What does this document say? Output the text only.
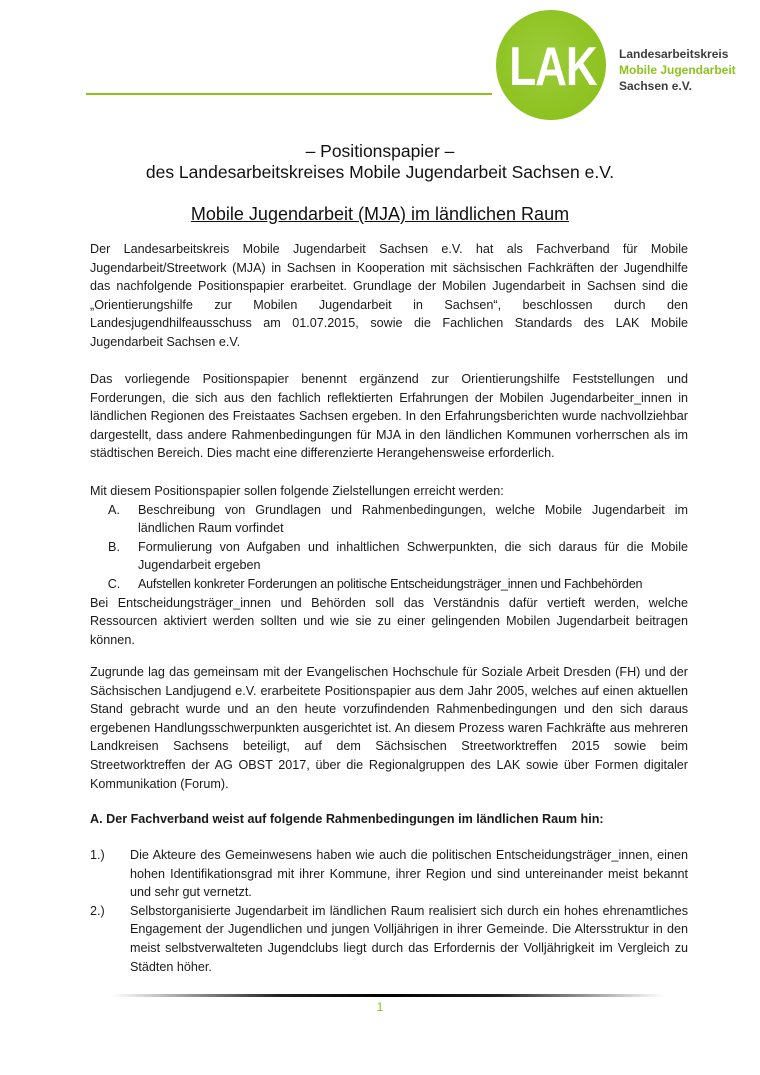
LAK Landesarbeitskreis
Mobile Jugendarbeit
Sachsen e.V.
– Positionspapier –
des Landesarbeitskreises Mobile Jugendarbeit Sachsen e.V.
Mobile Jugendarbeit (MJA) im ländlichen Raum
Der Landesarbeitskreis Mobile Jugendarbeit Sachsen e.V. hat als Fachverband für Mobile Jugendarbeit/Streetwork (MJA) in Sachsen in Kooperation mit sächsischen Fachkräften der Jugendhilfe das nachfolgende Positionspapier erarbeitet. Grundlage der Mobilen Jugendarbeit in Sachsen sind die „Orientierungshilfe zur Mobilen Jugendarbeit in Sachsen“, beschlossen durch den Landesjugendhilfeausschuss am 01.07.2015, sowie die Fachlichen Standards des LAK Mobile Jugendarbeit Sachsen e.V.
Das vorliegende Positionspapier benennt ergänzend zur Orientierungshilfe Feststellungen und Forderungen, die sich aus den fachlich reflektierten Erfahrungen der Mobilen Jugendarbeiter_innen in ländlichen Regionen des Freistaates Sachsen ergeben. In den Erfahrungsberichten wurde nachvollziehbar dargestellt, dass andere Rahmenbedingungen für MJA in den ländlichen Kommunen vorherrschen als im städtischen Bereich. Dies macht eine differenzierte Herangehensweise erforderlich.

Mit diesem Positionspapier sollen folgende Zielstellungen erreicht werden:

A.	Beschreibung von Grundlagen und Rahmenbedingungen, welche Mobile Jugendarbeit im ländlichen Raum vorfindet
B.	Formulierung von Aufgaben und inhaltlichen Schwerpunkten, die sich daraus für die Mobile Jugendarbeit ergeben
C.	Aufstellen konkreter Forderungen an politische Entscheidungsträger_innen und Fachbehörden

Bei Entscheidungsträger_innen und Behörden soll das Verständnis dafür vertieft werden, welche Ressourcen aktiviert werden sollten und wie sie zu einer gelingenden Mobilen Jugendarbeit beitragen können.

Zugrunde lag das gemeinsam mit der Evangelischen Hochschule für Soziale Arbeit Dresden (FH) und der Sächsischen Landjugend e.V. erarbeitete Positionspapier aus dem Jahr 2005, welches auf einen aktuellen Stand gebracht wurde und an den heute vorzufindenden Rahmenbedingungen und den sich daraus ergebenen Handlungsschwerpunkten ausgerichtet ist. An diesem Prozess waren Fachkräfte aus mehreren Landkreisen Sachsens beteiligt, auf dem Sächsischen Streetworktreffen 2015 sowie beim Streetworktreffen der AG OBST 2017, über die Regionalgruppen des LAK sowie über Formen digitaler Kommunikation (Forum).
A. Der Fachverband weist auf folgende Rahmenbedingungen im ländlichen Raum hin:
1.)	Die Akteure des Gemeinwesens haben wie auch die politischen Entscheidungsträger_innen, einen hohen Identifikationsgrad mit ihrer Kommune, ihrer Region und sind untereinander meist bekannt und sehr gut vernetzt.
2.)	Selbstorganisierte Jugendarbeit im ländlichen Raum realisiert sich durch ein hohes ehrenamtliches Engagement der Jugendlichen und jungen Volljährigen in ihrer Gemeinde. Die Altersstruktur in den meist selbstverwalteten Jugendclubs liegt durch das Erfordernis der Volljährigkeit im Vergleich zu Städten höher.
1
